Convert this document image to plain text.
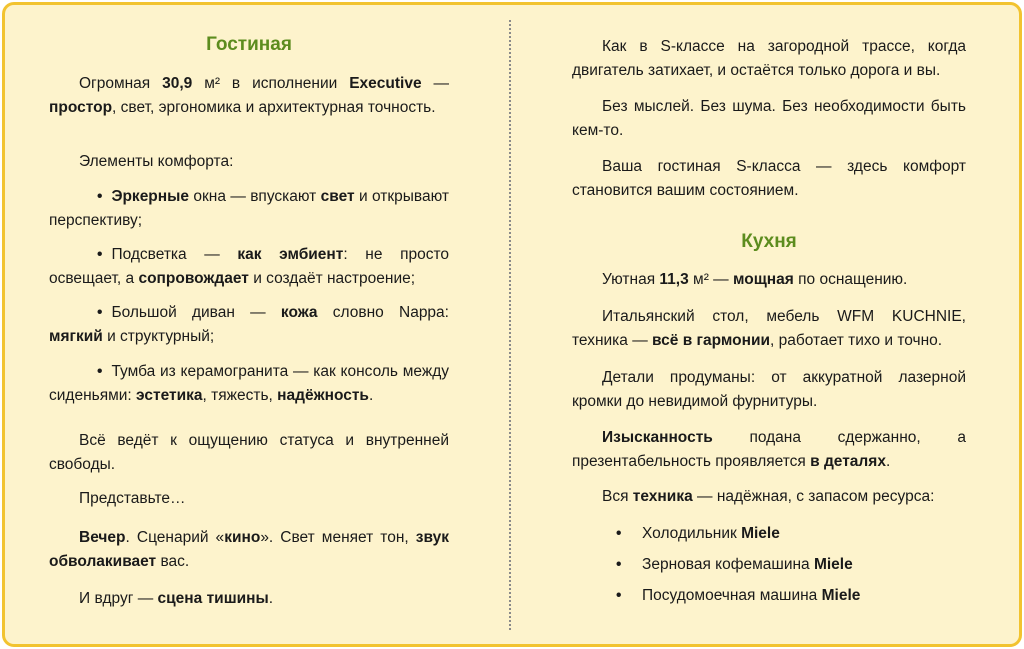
Гостиная
Огромная 30,9 м² в исполнении Executive — простор, свет, эргономика и архитектурная точность.
Элементы комфорта:
• Эркерные окна — впускают свет и открывают перспективу;
• Подсветка — как эмбиент: не просто освещает, а сопровождает и создаёт настроение;
• Большой диван — кожа словно Nappa: мягкий и структурный;
• Тумба из керамогранита — как консоль между сиденьями: эстетика, тяжесть, надёжность.
Всё ведёт к ощущению статуса и внутренней свободы.
Представьте…
Вечер. Сценарий «кино». Свет меняет тон, звук обволакивает вас.
И вдруг — сцена тишины.
Как в S-классе на загородной трассе, когда двигатель затихает, и остаётся только дорога и вы.
Без мыслей. Без шума. Без необходимости быть кем-то.
Ваша гостиная S-класса — здесь комфорт становится вашим состоянием.
Кухня
Уютная 11,3 м² — мощная по оснащению.
Итальянский стол, мебель WFM KUCHNIE, техника — всё в гармонии, работает тихо и точно.
Детали продуманы: от аккуратной лазерной кромки до невидимой фурнитуры.
Изысканность подана сдержанно, а презентабельность проявляется в деталях.
Вся техника — надёжная, с запасом ресурса:
• Холодильник Miele
• Зерновая кофемашина Miele
• Посудомоечная машина Miele
